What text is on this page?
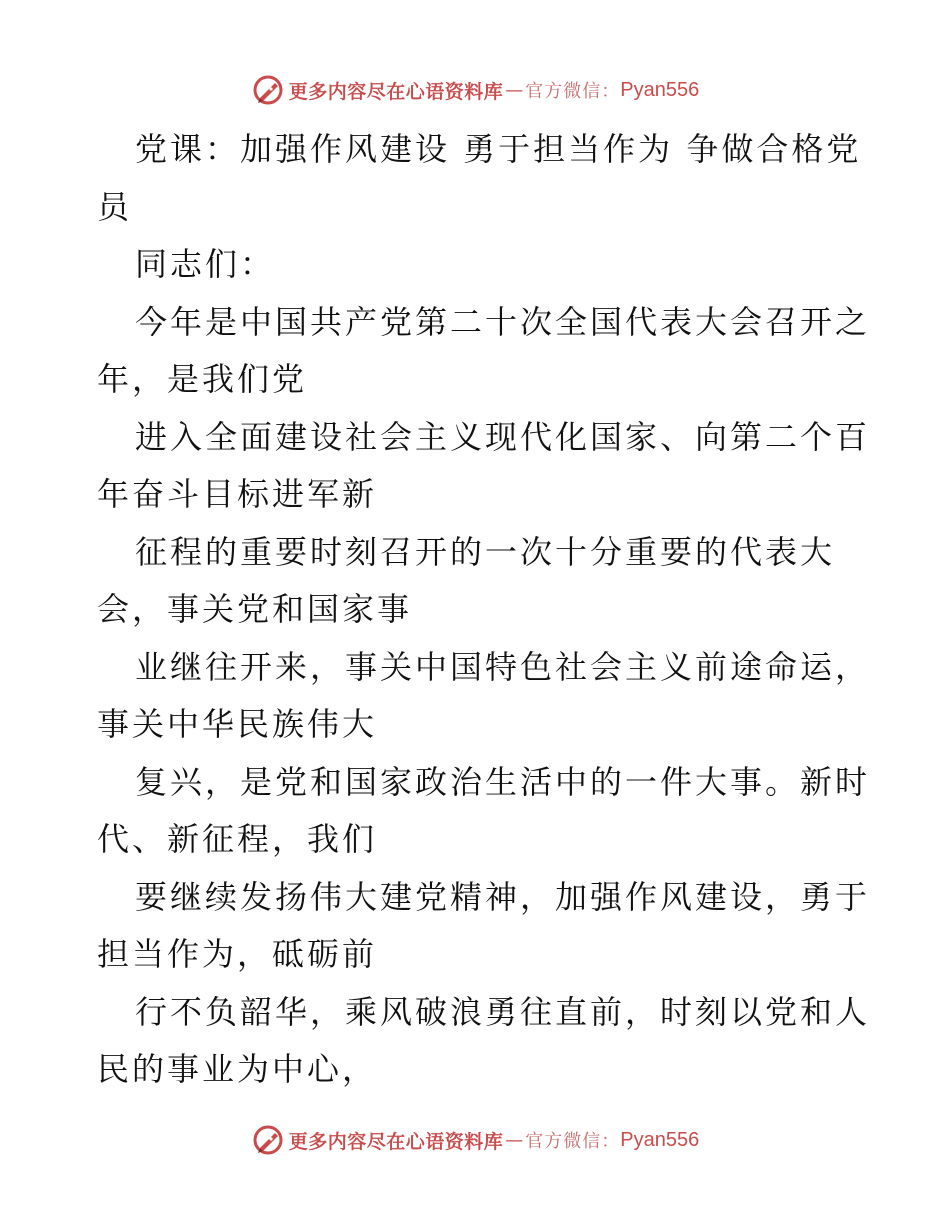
更多内容尽在心语资料库 — 官方微信： Pyan556
党课：加强作风建设 勇于担当作为 争做合格党
员
同志们：
今年是中国共产党第二十次全国代表大会召开之
年，是我们党
进入全面建设社会主义现代化国家、向第二个百
年奋斗目标进军新
征程的重要时刻召开的一次十分重要的代表大
会，事关党和国家事
业继往开来，事关中国特色社会主义前途命运，
事关中华民族伟大
复兴，是党和国家政治生活中的一件大事。新时
代、新征程，我们
要继续发扬伟大建党精神，加强作风建设，勇于
担当作为，砥砺前
行不负韶华，乘风破浪勇往直前，时刻以党和人
民的事业为中心，
更多内容尽在心语资料库 — 官方微信： Pyan556
